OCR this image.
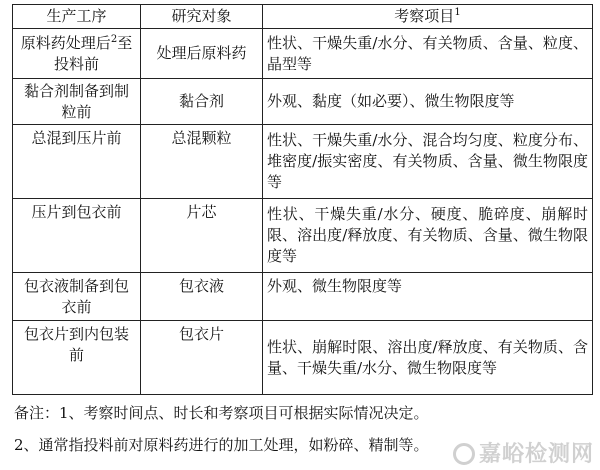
生产工序	研究对象	考察项目$^1$
原料药处理后$^2$至投料前	处理后原料药	性状、干燥失重/水分、有关物质、含量、粒度、晶型等
黏合剂制备到制粒前	黏合剂	外观、黏度（如必要）、微生物限度等
总混到压片前	总混颗粒	性状、干燥失重/水分、混合均匀度、粒度分布、堆密度/振实密度、有关物质、含量、微生物限度等
压片到包衣前	片芯	性状、干燥失重/水分、硬度、脆碎度、崩解时限、溶出度/释放度、有关物质、含量、微生物限度等
包衣液制备到包衣前	包衣液	外观、微生物限度等
包衣片到内包装前	包衣片	性状、崩解时限、溶出度/释放度、有关物质、含量、干燥失重/水分、微生物限度等

备注：1、考察时间点、时长和考察项目可根据实际情况决定。

2、通常指投料前对原料药进行的加工处理，如粉碎、精制等。	嘉峪检测网
